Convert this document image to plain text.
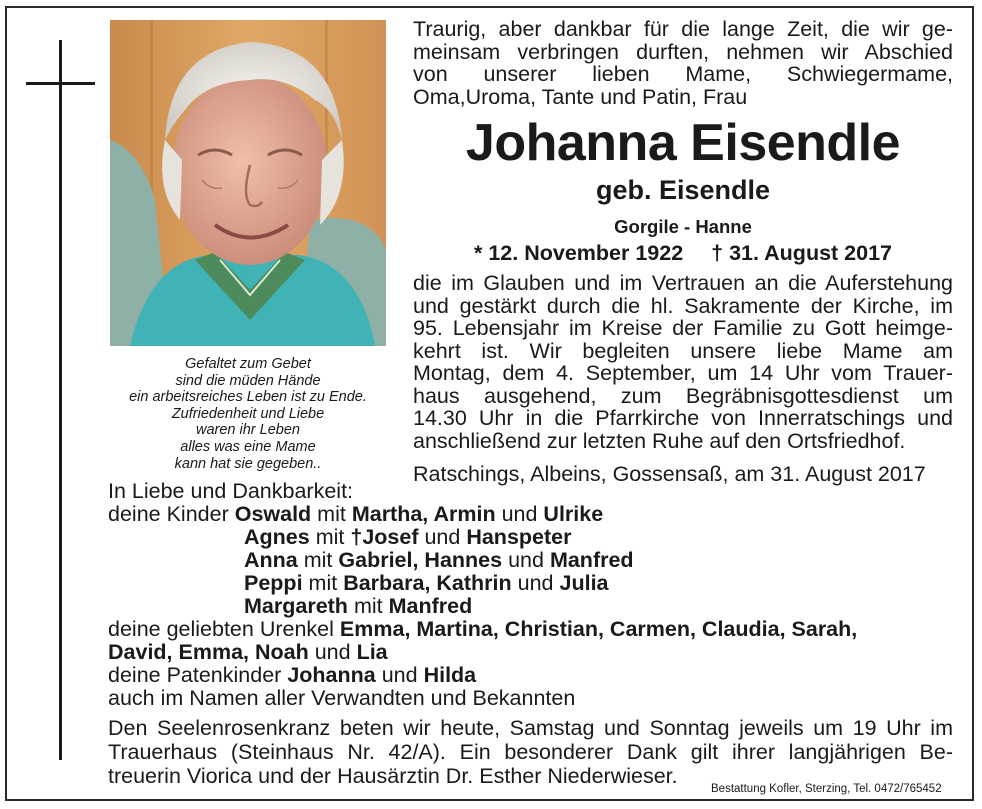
Gefaltet zum Gebet
sind die müden Hände
ein arbeitsreiches Leben ist zu Ende.
Zufriedenheit und Liebe
waren ihr Leben
alles was eine Mame
kann hat sie gegeben..
Traurig, aber dankbar für die lange Zeit, die wir ge-
meinsam verbringen durften, nehmen wir Abschied
von unserer lieben Mame, Schwiegermame,
Oma,Uroma, Tante und Patin, Frau
Johanna Eisendle
geb. Eisendle
Gorgile - Hanne
* 12. November 1922 † 31. August 2017
die im Glauben und im Vertrauen an die Auferstehung
und gestärkt durch die hl. Sakramente der Kirche, im
95. Lebensjahr im Kreise der Familie zu Gott heimge-
kehrt ist. Wir begleiten unsere liebe Mame am
Montag, dem 4. September, um 14 Uhr vom Trauer-
haus ausgehend, zum Begräbnisgottesdienst um
14.30 Uhr in die Pfarrkirche von Innerratschings und
anschließend zur letzten Ruhe auf den Ortsfriedhof.
Ratschings, Albeins, Gossensaß, am 31. August 2017
In Liebe und Dankbarkeit:
deine Kinder Oswald mit Martha, Armin und Ulrike
Agnes mit †Josef und Hanspeter
Anna mit Gabriel, Hannes und Manfred
Peppi mit Barbara, Kathrin und Julia
Margareth mit Manfred
deine geliebten Urenkel Emma, Martina, Christian, Carmen, Claudia, Sarah,
David, Emma, Noah und Lia
deine Patenkinder Johanna und Hilda
auch im Namen aller Verwandten und Bekannten
Den Seelenrosenkranz beten wir heute, Samstag und Sonntag jeweils um 19 Uhr im
Trauerhaus (Steinhaus Nr. 42/A). Ein besonderer Dank gilt ihrer langjährigen Be-
treuerin Viorica und der Hausärztin Dr. Esther Niederwieser.
Bestattung Kofler, Sterzing, Tel. 0472/765452
